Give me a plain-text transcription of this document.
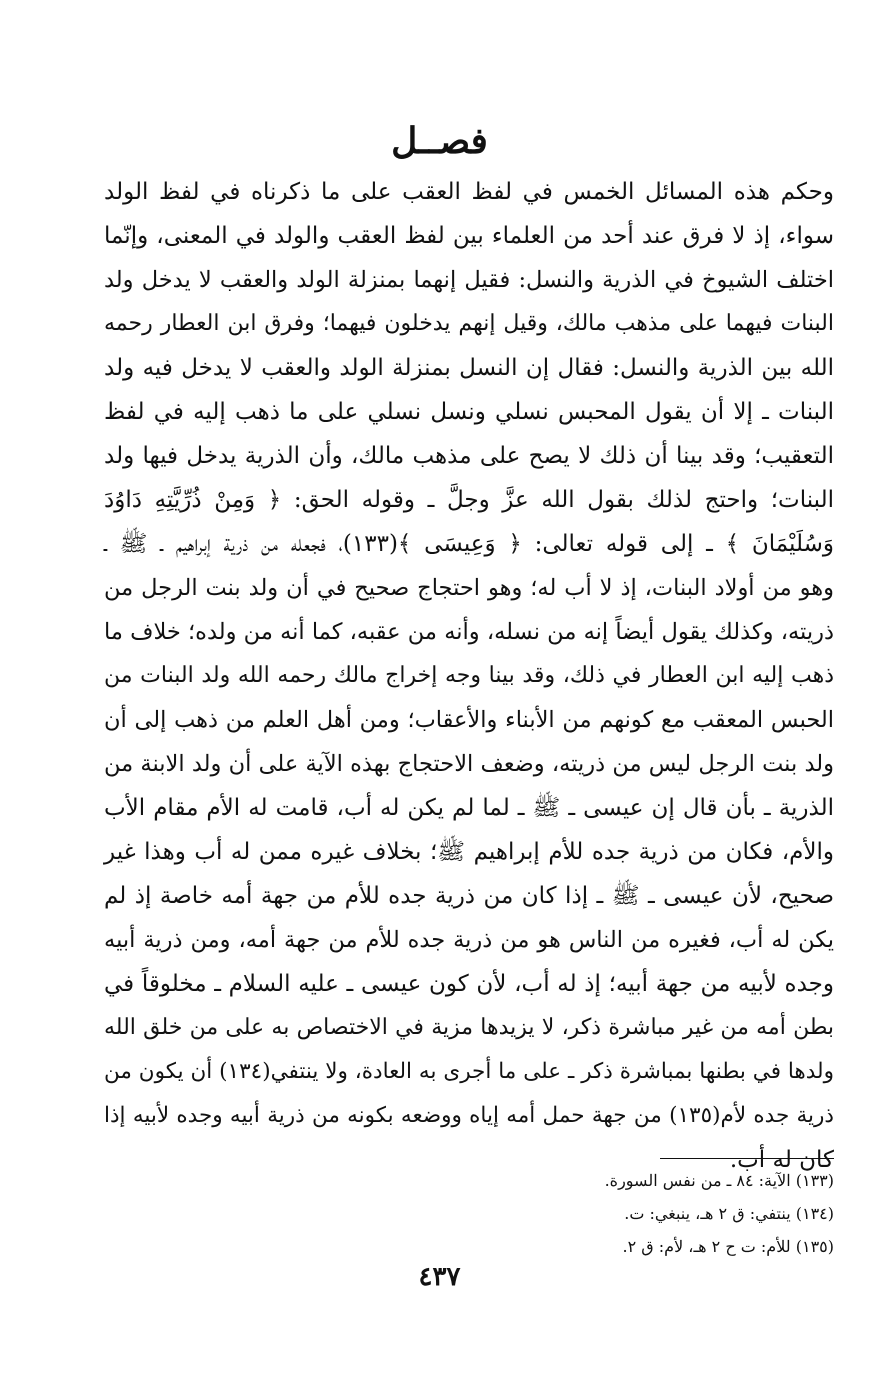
فصــل
وحكم هذه المسائل الخمس في لفظ العقب على ما ذكرناه في لفظ الولد
سواء، إذ لا فرق عند أحد من العلماء بين لفظ العقب والولد في المعنى، وإنّما
اختلف الشيوخ في الذرية والنسل: فقيل إنهما بمنزلة الولد والعقب لا يدخل ولد
البنات فيهما على مذهب مالك، وقيل إنهم يدخلون فيهما؛ وفرق ابن العطار رحمه
الله بين الذرية والنسل: فقال إن النسل بمنزلة الولد والعقب لا يدخل فيه ولد
البنات ـ إلا أن يقول المحبس نسلي ونسل نسلي على ما ذهب إليه في لفظ
التعقيب؛ وقد بينا أن ذلك لا يصح على مذهب مالك، وأن الذرية يدخل فيها ولد
البنات؛ واحتج لذلك بقول الله عزَّ وجلَّ ـ وقوله الحق: ﴿ وَمِنْ ذُرِّيَّتِهِ دَاوُدَ
وَسُلَيْمَانَ ﴾ ـ إلى قوله تعالى: ﴿ وَعِيسَى ﴾(١٣٣)، فجعله من ذرية إبراهيم ـ ﷺ ـ
وهو من أولاد البنات، إذ لا أب له؛ وهو احتجاج صحيح في أن ولد بنت الرجل من
ذريته، وكذلك يقول أيضاً إنه من نسله، وأنه من عقبه، كما أنه من ولده؛ خلاف ما
ذهب إليه ابن العطار في ذلك، وقد بينا وجه إخراج مالك رحمه الله ولد البنات من
الحبس المعقب مع كونهم من الأبناء والأعقاب؛ ومن أهل العلم من ذهب إلى أن
ولد بنت الرجل ليس من ذريته، وضعف الاحتجاج بهذه الآية على أن ولد الابنة من
الذرية ـ بأن قال إن عيسى ـ ﷺ ـ لما لم يكن له أب، قامت له الأم مقام الأب
والأم، فكان من ذرية جده للأم إبراهيم ﷺ؛ بخلاف غيره ممن له أب وهذا غير
صحيح، لأن عيسى ـ ﷺ ـ إذا كان من ذرية جده للأم من جهة أمه خاصة إذ لم
يكن له أب، فغيره من الناس هو من ذرية جده للأم من جهة أمه، ومن ذرية أبيه
وجده لأبيه من جهة أبيه؛ إذ له أب، لأن كون عيسى ـ عليه السلام ـ مخلوقاً في
بطن أمه من غير مباشرة ذكر، لا يزيدها مزية في الاختصاص به على من خلق الله
ولدها في بطنها بمباشرة ذكر ـ على ما أجرى به العادة، ولا ينتفي(١٣٤) أن يكون من
ذرية جده لأم(١٣٥) من جهة حمل أمه إياه ووضعه بكونه من ذرية أبيه وجده لأبيه إذا
كان له أب.
(١٣٣) الآية: ٨٤ ـ من نفس السورة.
(١٣٤) ينتفي: ق ٢ هـ، ينبغي: ت.
(١٣٥) للأم: ت ح ٢ هـ، لأم: ق ٢.
٤٣٧
